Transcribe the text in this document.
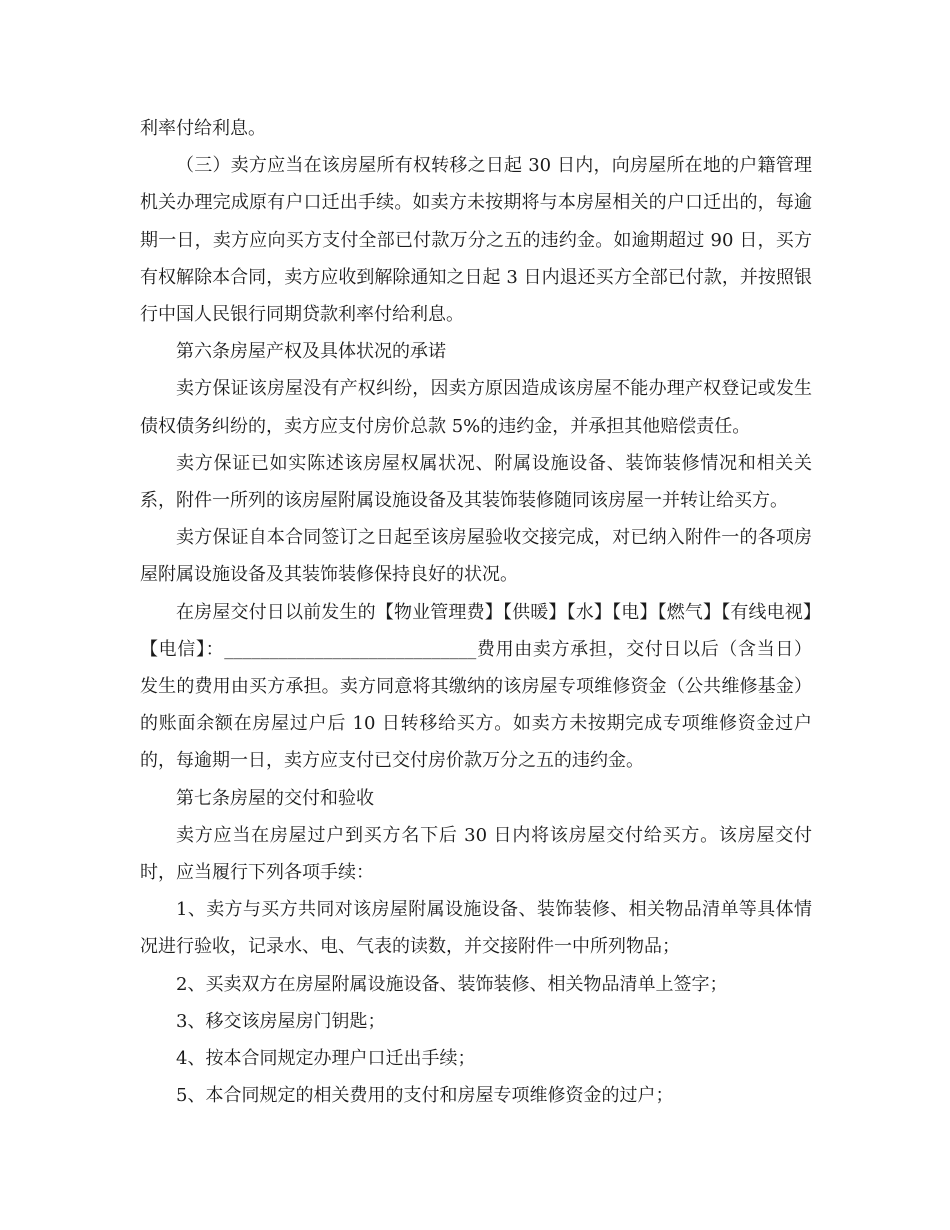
利率付给利息。

（三）卖方应当在该房屋所有权转移之日起 30 日内，向房屋所在地的户籍管理机关办理完成原有户口迁出手续。如卖方未按期将与本房屋相关的户口迁出的，每逾期一日，卖方应向买方支付全部已付款万分之五的违约金。如逾期超过 90 日，买方有权解除本合同，卖方应收到解除通知之日起 3 日内退还买方全部已付款，并按照银行中国人民银行同期贷款利率付给利息。

第六条房屋产权及具体状况的承诺

卖方保证该房屋没有产权纠纷，因卖方原因造成该房屋不能办理产权登记或发生债权债务纠纷的，卖方应支付房价总款 5%的违约金，并承担其他赔偿责任。

卖方保证已如实陈述该房屋权属状况、附属设施设备、装饰装修情况和相关关系，附件一所列的该房屋附属设施设备及其装饰装修随同该房屋一并转让给买方。

卖方保证自本合同签订之日起至该房屋验收交接完成，对已纳入附件一的各项房屋附属设施设备及其装饰装修保持良好的状况。

在房屋交付日以前发生的【物业管理费】【供暖】【水】【电】【燃气】【有线电视】【电信】：____________________________费用由卖方承担，交付日以后（含当日）发生的费用由买方承担。卖方同意将其缴纳的该房屋专项维修资金（公共维修基金）的账面余额在房屋过户后 10 日转移给买方。如卖方未按期完成专项维修资金过户的，每逾期一日，卖方应支付已交付房价款万分之五的违约金。

第七条房屋的交付和验收

卖方应当在房屋过户到买方名下后 30 日内将该房屋交付给买方。该房屋交付时，应当履行下列各项手续：

1、卖方与买方共同对该房屋附属设施设备、装饰装修、相关物品清单等具体情况进行验收，记录水、电、气表的读数，并交接附件一中所列物品；

2、买卖双方在房屋附属设施设备、装饰装修、相关物品清单上签字；

3、移交该房屋房门钥匙；

4、按本合同规定办理户口迁出手续；

5、本合同规定的相关费用的支付和房屋专项维修资金的过户；
